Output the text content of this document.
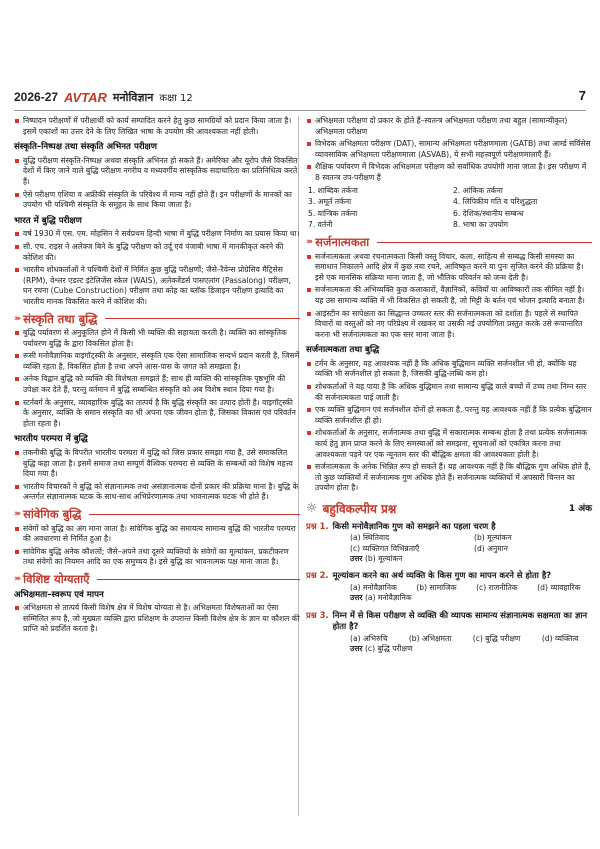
2026-27 AVTAR मनोविज्ञान कक्षा 12	7
निष्पादन परीक्षणों में परीक्षार्थी को कार्य सम्पादित करने हेतु कुछ सामग्रियों को प्रदान किया जाता है। इसमें एकांशों का उत्तर देने के लिए लिखित भाषा के उपयोग की आवश्यकता नहीं होती।
संस्कृति–निष्पक्ष तथा संस्कृति अभिनत परीक्षण
बुद्धि परीक्षण संस्कृति-निष्पक्ष अथवा संस्कृति अभिनत हो सकते हैं। अमेरिका और यूरोप जैसे विकसित देशों में किए जाने वाले बुद्धि परीक्षण नगरीय व मध्यवर्गीय सांस्कृतिक सदाचारिता का प्रतिनिधित्व करते हैं।
ऐसे परीक्षण एशिया व अफ्रीकी संस्कृति के परिवेश्य में मान्य नहीं होते हैं। इन परीक्षणों के मानकों का उपयोग भी पश्चिमी संस्कृति के समूहन के साथ किया जाता है।
भारत में बुद्धि परीक्षण
वर्ष 1930 में एस. एम. मोहसिन ने सर्वप्रथम हिन्दी भाषा में बुद्धि परीक्षण निर्माण का प्रयास किया था।
सी. एच. राइस ने अलेक्ज बिने के बुद्धि परीक्षण को उर्दू एवं पंजाबी भाषा में मानकीकृत करने की कोशिश की।
भारतीय शोधकर्ताओं ने पश्चिमी देशों में निर्मित कुछ बुद्धि परीक्षणों; जैसे–रैवेन्स प्रोग्रेसिव मैट्रिसेस (RPM), वेश्लर एडल्ट इंटेलिजेंस स्केल (WAIS), अलेक्जेंडर्स पासएलांग (Passalong) परीक्षण, घन रचना (Cube Construction) परीक्षण तथा कोह का ब्लॉक डिजाइन परीक्षण इत्यादि का भारतीय मानक विकसित करने में कोशिश की।
››› संस्कृति तथा बुद्धि
बुद्धि पर्यावरण से अनुकूलित होने में किसी भी व्यक्ति की सहायता करती है। व्यक्ति का सांस्कृतिक पर्यावरण बुद्धि के द्वारा विकसित होता है।
रूसी मनोवैज्ञानिक वाइगॉट्स्की के अनुसार, संस्कृति एक ऐसा सामाजिक सन्दर्भ प्रदान करती है, जिसमें व्यक्ति रहता है, विकसित होता है तथा अपने आस-पास के जगत को समझता है।
अनेक विद्वान बुद्धि को व्यक्ति की विशेषता समझते हैं; साथ ही व्यक्ति की सांस्कृतिक पृष्ठभूमि की उपेक्षा कर देते हैं, परन्तु वर्तमान में बुद्धि सम्बन्धित संस्कृति को अब विशेष स्थान दिया गया है।
स्टर्नबर्ग के अनुसार, व्यावहारिक बुद्धि का तात्पर्य है कि बुद्धि संस्कृति का उत्पाद होती है। वाइगॉट्स्की के अनुसार, व्यक्ति के समान संस्कृति का भी अपना एक जीवन होता है, जिसका विकास एवं परिवर्तन होता रहता है।
भारतीय परम्परा में बुद्धि
तकनीकी बुद्धि के विपरीत भारतीय परम्परा में बुद्धि को जिस प्रकार समझा गया है, उसे समाकलित बुद्धि कहा जाता है। इसमें समाज तथा सम्पूर्ण वैश्विक परम्परा से व्यक्ति के सम्बन्धों को विशेष महत्त्व दिया गया है।
भारतीय विचारकों ने बुद्धि को संज्ञानात्मक तथा असंज्ञानात्मक दोनों प्रकार की प्रक्रिया माना है। बुद्धि के अन्तर्गत संज्ञानात्मक घटक के साथ-साथ अभिप्रेरणात्मक तथा भावनात्मक घटक भी होते हैं।
››› सांवेगिक बुद्धि
संवेगों को बुद्धि का अंग माना जाता है। सांवेगिक बुद्धि का समायत्य सामान्य बुद्धि की भारतीय परम्परा की अवधारणा से निर्मित हुआ है।
सांवेगिक बुद्धि अनेक कौशलों; जैसे–अपने तथा दूसरे व्यक्तियों के संवेगों का मूल्यांकन, प्रकटीकरण तथा संवेगों का नियमन आदि का एक समुच्चय है। इसे बुद्धि का भावनात्मक पक्ष माना जाता है।
››› विशिष्ट योग्यताएँ
अभिक्षमता–स्वरूप एवं मापन
अभिक्षमता से तात्पर्य किसी विशेष क्षेत्र में विशेष योग्यता से है। अभिक्षमता विशेषताओं का ऐसा सम्मिलित रूप है, जो मुख्यतः व्यक्ति द्वारा प्रशिक्षण के उपरान्त किसी विशेष क्षेत्र के ज्ञान या कौशल की प्राप्ति को प्रदर्शित करता है।
अभिक्षमता परीक्षण दो प्रकार के होते हैं–स्वतन्त्र अभिक्षमता परीक्षण तथा बहुल (सामान्यीकृत) अभिक्षमता परीक्षण
विभेदक अभिक्षमता परीक्षण (DAT), सामान्य अभिक्षमता परीक्षणमाला (GATB) तथा आर्म्ड सर्विसेस व्यावसायिक अभिक्षमता परीक्षणमाला (ASVAB), ये सभी महत्त्वपूर्ण परीक्षणमालाएँ हैं।
शैक्षिक पर्यावरण में विभेदक अभिक्षमता परीक्षण को सर्वाधिक उपयोगी माना जाता है। इस परीक्षण में 8 स्वतन्त्र उप-परीक्षण हैं
1. शाब्दिक तर्कना	2. आंकिक तर्कना
3. अमूर्त तर्कना	4. लिपिकीय गति व परिशुद्धता
5. यान्त्रिक तर्कना	6. देशिक/स्थानीय सम्बन्ध
7. वर्तनी	8. भाषा का उपयोग
››› सर्जनात्मकता
सर्जनात्मकता अथवा रचनात्मकता किसी वस्तु विचार, कला, साहित्य से सम्बद्ध किसी समस्या का समाधान निकालने आदि क्षेत्र में कुछ नया रचने, आविष्कृत करने या पुनः सृजित करने की प्रक्रिया है। इसे एक मानसिक संक्रिया माना जाता है, जो भौतिक परिवर्तन को जन्म देती है।
सर्जनात्मकता की अभिव्यक्ति कुछ कलाकारों, वैज्ञानिकों, कवियों या आविष्कारों तक सीमित नहीं है। यह उस सामान्य व्यक्ति में भी विकसित हो सकती है, जो मिट्टी के बर्तन एवं भोजन इत्यादि बनाता है।
आइंस्टीन का सापेक्षता का सिद्धान्त उच्चतर स्तर की सर्जनात्मकता को दर्शाता है। पहले से स्थापित विचारों या वस्तुओं को नए परिप्रेक्ष्य में रखकर या उसकी नई उपयोगिता प्रस्तुत करके उसे रूपान्तरित करना भी सर्जनात्मकता का एक स्तर माना जाता है।
सर्जनात्मकता तथा बुद्धि
टर्मन के अनुसार, यह आवश्यक नहीं है कि अधिक बुद्धिमान व्यक्ति सर्जनशील भी हो, क्योंकि यह व्यक्ति भी सर्जनशील हो सकता है, जिसकी बुद्धि-लब्धि कम हो।
शोधकर्ताओं ने यह पाया है कि अधिक बुद्धिमान तथा सामान्य बुद्धि वाले बच्चों में उच्च तथा निम्न स्तर की सर्जनात्मकता पाई जाती है।
एक व्यक्ति बुद्धिमान एवं सर्जनशील दोनों हो सकता है, परन्तु यह आवश्यक नहीं है कि प्रत्येक बुद्धिमान व्यक्ति सर्जनशील ही हो।
शोधकर्ताओं के अनुसार, सर्जनात्मक तथा बुद्धि में सकारात्मक सम्बन्ध होता है तथा प्रत्येक सर्जनात्मक कार्य हेतु ज्ञान प्राप्त करने के लिए समस्याओं को समझना, सूचनाओं को एकत्रित करना तथा आवश्यकता पड़ने पर एक न्यूनतम स्तर की बौद्धिक क्षमता की आवश्यकता होती है।
सर्जनात्मकता के अनेक भिन्नित रूप हो सकते हैं। यह आवश्यक नहीं है कि बौद्धिक गुण अधिक होते हैं, तो कुछ व्यक्तियों में सर्जनात्मक गुण अधिक होते हैं। सर्जनात्मक व्यक्तियों में अपसारी चिन्तन का उपयोग होता है।
☼ बहुविकल्पीय प्रश्न	1 अंक
प्रश्न 1. किसी मनोवैज्ञानिक गुण को समझने का पहला चरण है
(a) स्थितिवाद	(b) मूल्यांकन
(c) व्यक्तिगत विभिन्नताएँ	(d) अनुमान
उत्तर (b) मूल्यांकन
प्रश्न 2. मूल्यांकन करने का अर्थ व्यक्ति के किस गुण का मापन करने से होता है?
(a) मनोवैज्ञानिक	(b) सामाजिक	(c) राजनीतिक	(d) व्यावहारिक
उत्तर (a) मनोवैज्ञानिक
प्रश्न 3. निम्न में से किस परीक्षण से व्यक्ति की व्यापक सामान्य संज्ञानात्मक सक्षमता का ज्ञान होता है?
(a) अभिरुचि	(b) अभिक्षमता	(c) बुद्धि परीक्षण	(d) व्यक्तित्व
उत्तर (c) बुद्धि परीक्षण
